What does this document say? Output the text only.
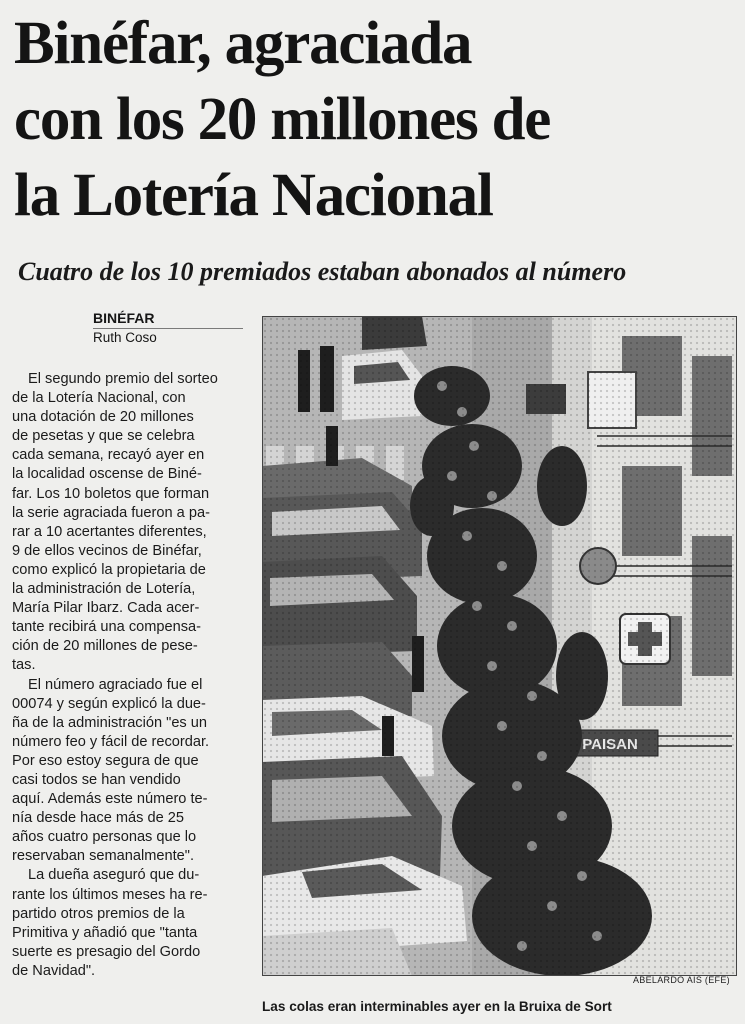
Binéfar, agraciada
con los 20 millones de
la Lotería Nacional
Cuatro de los 10 premiados estaban abonados al número
BINÉFAR
Ruth Coso
El segundo premio del sorteo
de la Lotería Nacional, con
una dotación de 20 millones
de pesetas y que se celebra
cada semana, recayó ayer en
la localidad oscense de Biné-
far. Los 10 boletos que forman
la serie agraciada fueron a pa-
rar a 10 acertantes diferentes,
9 de ellos vecinos de Binéfar,
como explicó la propietaria de
la administración de Lotería,
María Pilar Ibarz. Cada acer-
tante recibirá una compensa-
ción de 20 millones de pese-
tas.
El número agraciado fue el
00074 y según explicó la due-
ña de la administración "es un
número feo y fácil de recordar.
Por eso estoy segura de que
casi todos se han vendido
aquí. Además este número te-
nía desde hace más de 25
años cuatro personas que lo
reservaban semanalmente".
La dueña aseguró que du-
rante los últimos meses ha re-
partido otros premios de la
Primitiva y añadió que "tanta
suerte es presagio del Gordo
de Navidad".
ABELARDO AIS (EFE)
Las colas eran interminables ayer en la Bruixa de Sort
